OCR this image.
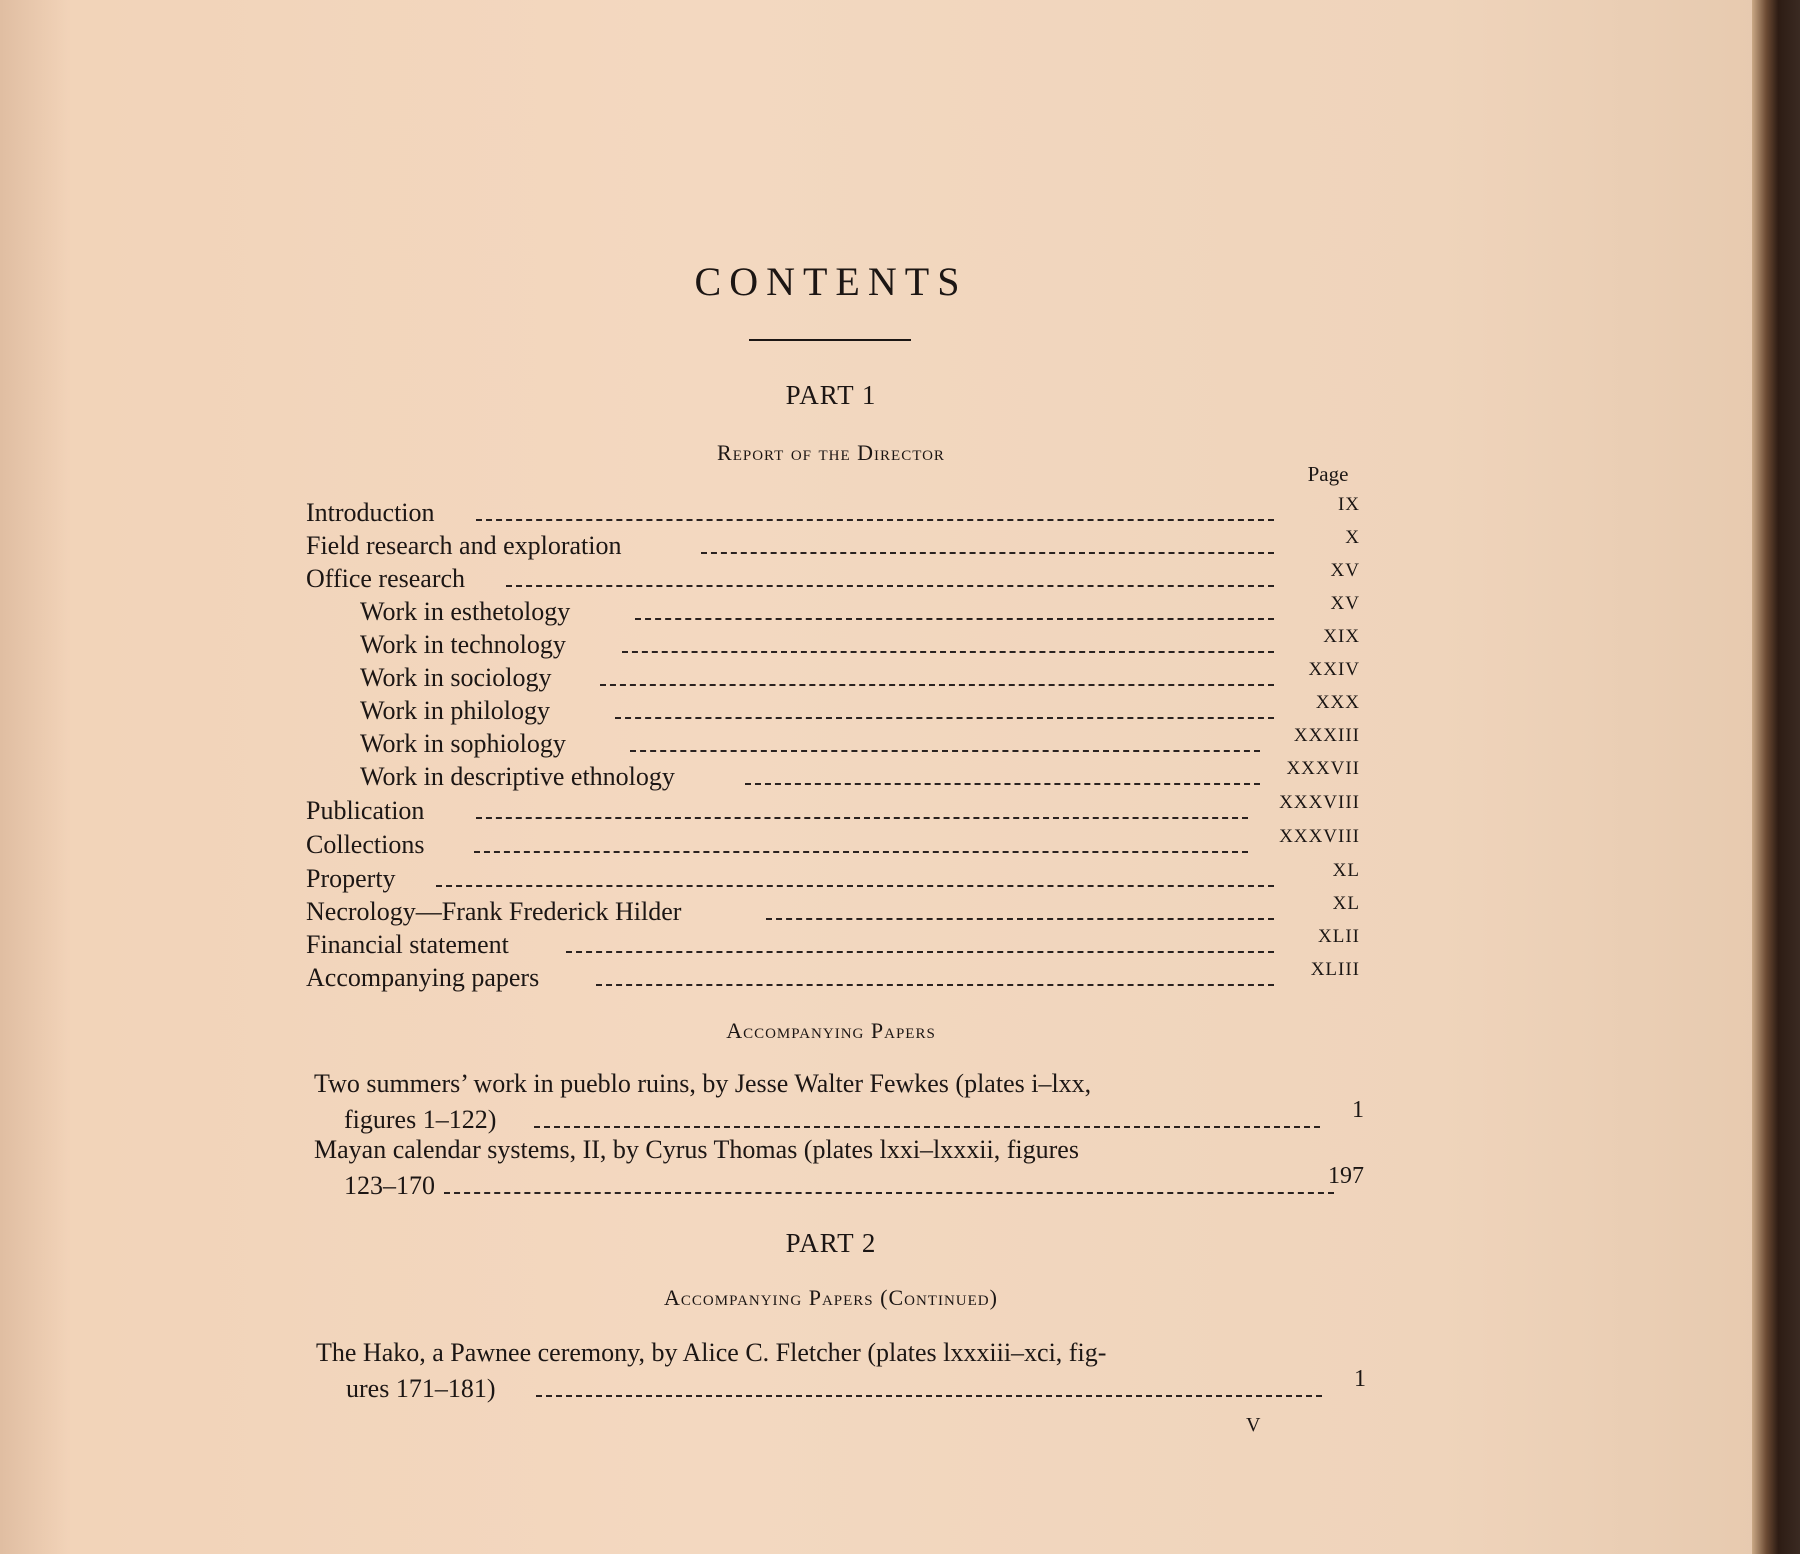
CONTENTS
PART 1
Report of the Director
Page
Introduction	IX
Field research and exploration	X
Office research	XV
Work in esthetology	XV
Work in technology	XIX
Work in sociology	XXIV
Work in philology	XXX
Work in sophiology	XXXIII
Work in descriptive ethnology	XXXVII
Publication	XXXVIII
Collections	XXXVIII
Property	XL
Necrology—Frank Frederick Hilder	XL
Financial statement	XLII
Accompanying papers	XLIII
Accompanying Papers
Two summers’ work in pueblo ruins, by Jesse Walter Fewkes (plates i–lxx,
figures 1–122)	1
Mayan calendar systems, II, by Cyrus Thomas (plates lxxi–lxxxii, figures
123–170	197
PART 2
Accompanying Papers (Continued)
The Hako, a Pawnee ceremony, by Alice C. Fletcher (plates lxxxiii–xci, fig-
ures 171–181)	1
V
